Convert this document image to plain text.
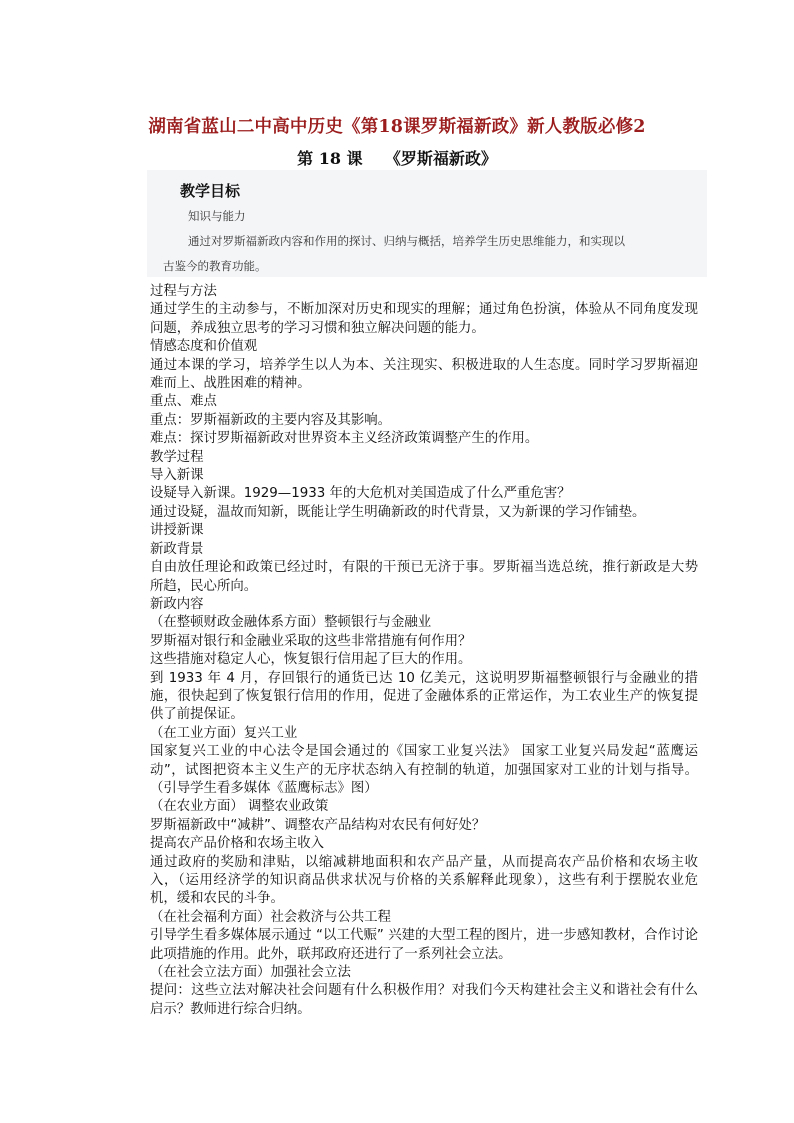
湖南省蓝山二中高中历史《第18课罗斯福新政》新人教版必修2
第 18 课    《罗斯福新政》
教学目标
知识与能力
通过对罗斯福新政内容和作用的探讨、归纳与概括，培养学生历史思维能力，和实现以
古鉴今的教育功能。

过程与方法

通过学生的主动参与，不断加深对历史和现实的理解；通过角色扮演，体验从不同角度发现问题，养成独立思考的学习习惯和独立解决问题的能力。

情感态度和价值观

通过本课的学习，培养学生以人为本、关注现实、积极进取的人生态度。同时学习罗斯福迎难而上、战胜困难的精神。

重点、难点

重点：罗斯福新政的主要内容及其影响。

难点：探讨罗斯福新政对世界资本主义经济政策调整产生的作用。

教学过程

导入新课

设疑导入新课。1929—1933 年的大危机对美国造成了什么严重危害？

通过设疑，温故而知新，既能让学生明确新政的时代背景，又为新课的学习作铺垫。

讲授新课

新政背景

自由放任理论和政策已经过时，有限的干预已无济于事。罗斯福当选总统，推行新政是大势所趋，民心所向。

新政内容

（在整顿财政金融体系方面）整顿银行与金融业

罗斯福对银行和金融业采取的这些非常措施有何作用？

这些措施对稳定人心，恢复银行信用起了巨大的作用。

到 1933 年 4 月，存回银行的通货已达 10 亿美元，这说明罗斯福整顿银行与金融业的措施，很快起到了恢复银行信用的作用，促进了金融体系的正常运作，为工农业生产的恢复提供了前提保证。

（在工业方面）复兴工业

国家复兴工业的中心法令是国会通过的《国家工业复兴法》 国家工业复兴局发起“蓝鹰运动”，试图把资本主义生产的无序状态纳入有控制的轨道，加强国家对工业的计划与指导。（引导学生看多媒体《蓝鹰标志》图）

（在农业方面） 调整农业政策

罗斯福新政中“减耕”、调整农产品结构对农民有何好处？

提高农产品价格和农场主收入

通过政府的奖励和津贴，以缩减耕地面积和农产品产量，从而提高农产品价格和农场主收入，（运用经济学的知识商品供求状况与价格的关系解释此现象），这些有利于摆脱农业危机，缓和农民的斗争。

（在社会福利方面）社会救济与公共工程

引导学生看多媒体展示通过 “以工代赈” 兴建的大型工程的图片，进一步感知教材，合作讨论此项措施的作用。此外，联邦政府还进行了一系列社会立法。

（在社会立法方面）加强社会立法

提问：这些立法对解决社会问题有什么积极作用？对我们今天构建社会主义和谐社会有什么启示？教师进行综合归纳。
